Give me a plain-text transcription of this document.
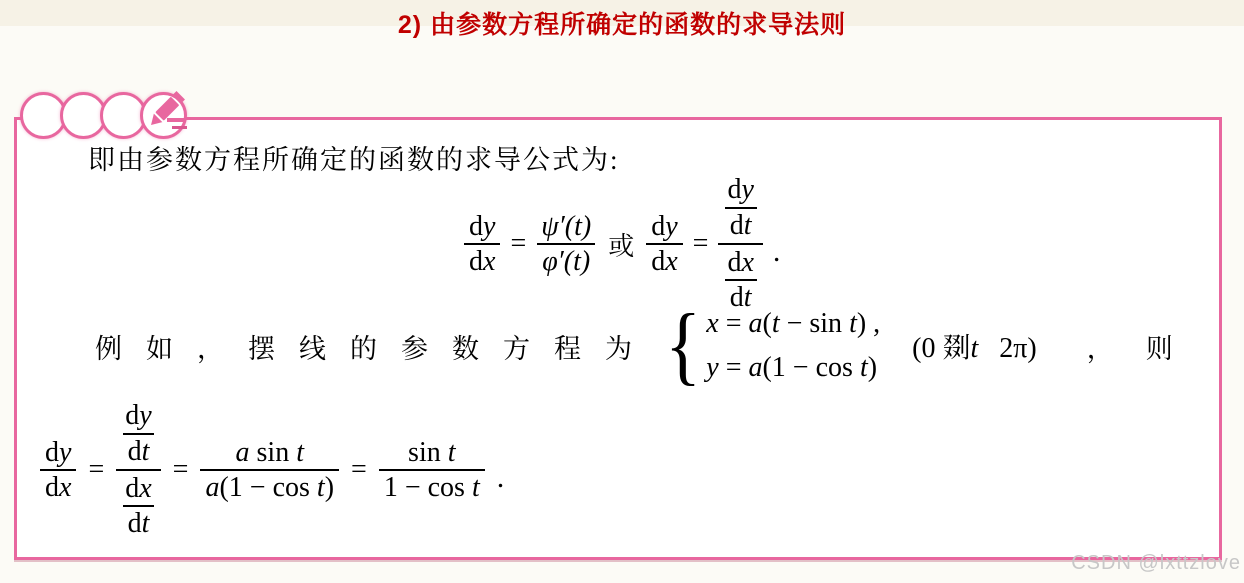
2) 由参数方程所确定的函数的求导法则
即由参数方程所确定的函数的求导公式为:
$\frac{dy}{dx} = \frac{\psi'(t)}{\varphi'(t)}$ 或 $\frac{dy}{dx} = \frac{\frac{dy}{dt}}{\frac{dx}{dt}}$ .
例如，摆线的参数方程为 { x = a(t − sin t) ,
y = a(1 − cos t)
(0 剟t   2π) ， 则
$\frac{dy}{dx} = \frac{\frac{dy}{dt}}{\frac{dx}{dt}} = \frac{\text{a sin t}}{\text{a(1 − cos t)}} = \frac{\text{sin t}}{\text{1 − cos t}}$ .
CSDN @lxttzlove
